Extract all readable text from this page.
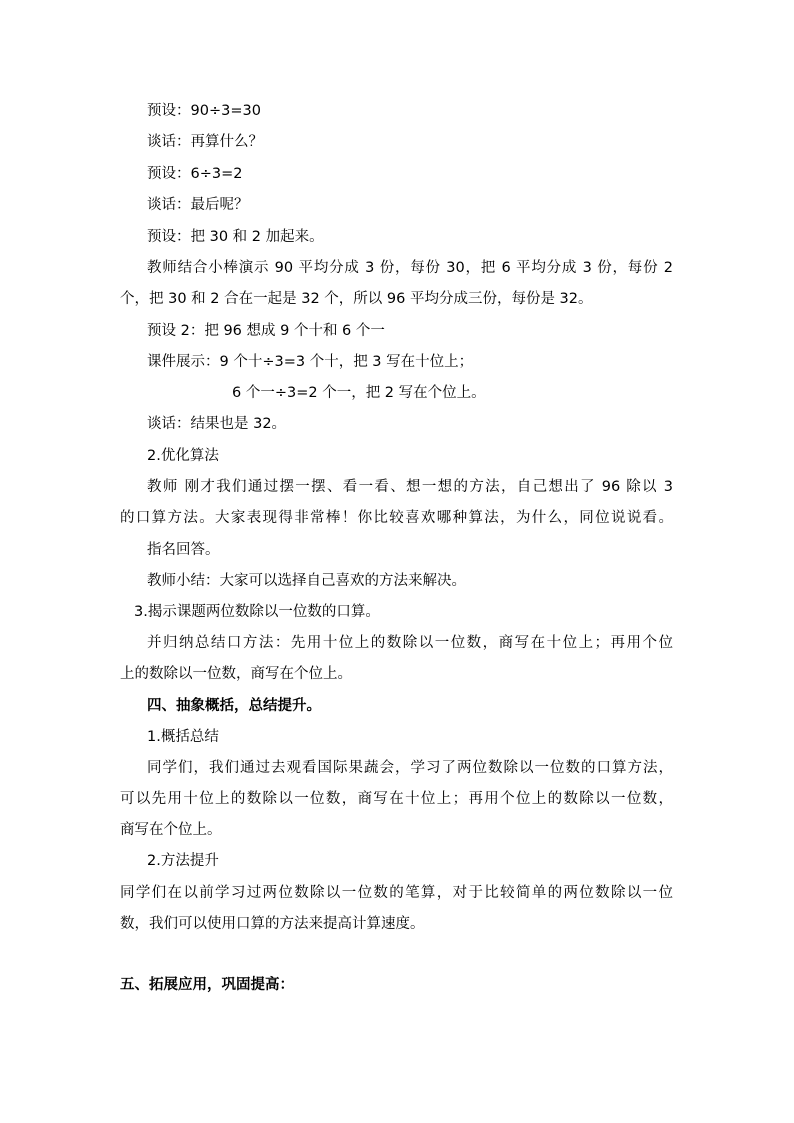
预设：90÷3=30
谈话：再算什么？
预设：6÷3=2
谈话：最后呢？
预设：把 30 和 2 加起来。
教师结合小棒演示 90 平均分成 3 份，每份 30，把 6 平均分成 3 份，每份 2
个，把 30 和 2 合在一起是 32 个，所以 96 平均分成三份，每份是 32。
预设 2：把 96 想成 9 个十和 6 个一
课件展示：9 个十÷3=3 个十，把 3 写在十位上；
6 个一÷3=2 个一，把 2 写在个位上。
谈话：结果也是 32。
2.优化算法
教师 刚才我们通过摆一摆、看一看、想一想的方法，自己想出了 96 除以 3
的口算方法。大家表现得非常棒！你比较喜欢哪种算法，为什么，同位说说看。
指名回答。
教师小结：大家可以选择自己喜欢的方法来解决。
3.揭示课题两位数除以一位数的口算。
并归纳总结口方法：先用十位上的数除以一位数，商写在十位上；再用个位
上的数除以一位数，商写在个位上。
四、抽象概括，总结提升。
1.概括总结
同学们，我们通过去观看国际果蔬会，学习了两位数除以一位数的口算方法，
可以先用十位上的数除以一位数，商写在十位上；再用个位上的数除以一位数，
商写在个位上。
2.方法提升
同学们在以前学习过两位数除以一位数的笔算，对于比较简单的两位数除以一位
数，我们可以使用口算的方法来提高计算速度。
五、拓展应用，巩固提高：
